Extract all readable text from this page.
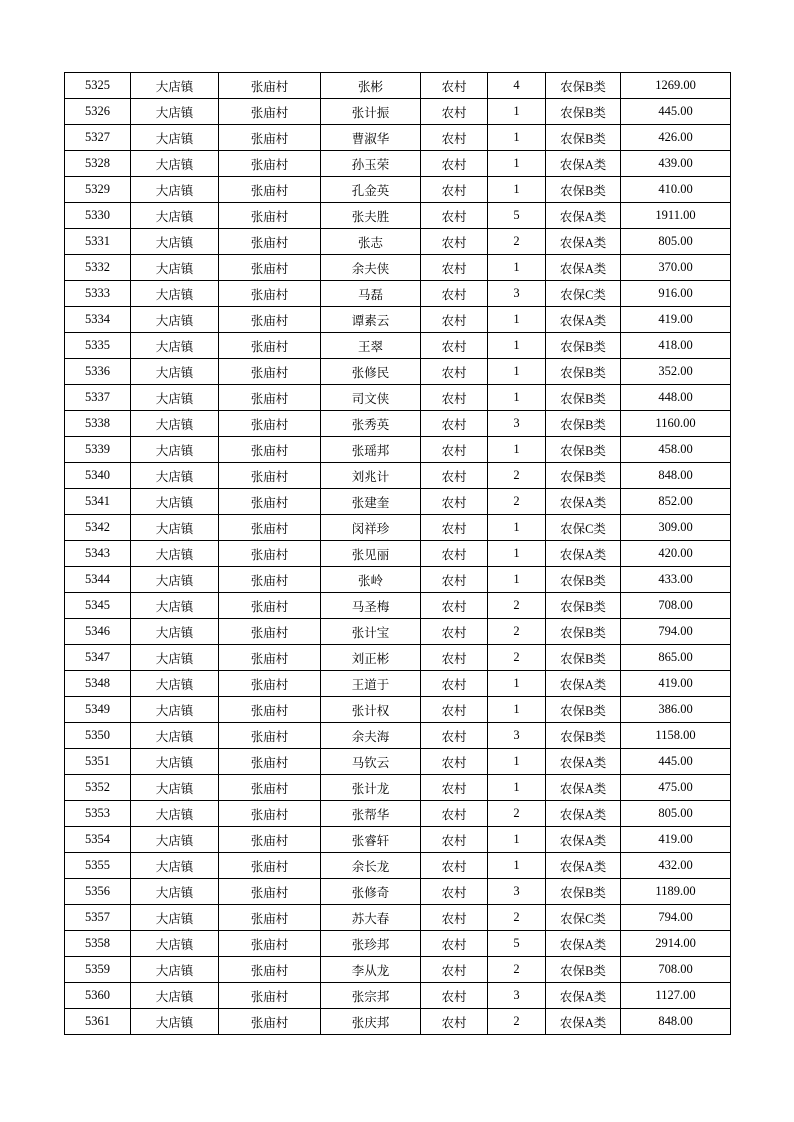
5325	大店镇	张庙村	张彬	农村	4	农保B类	1269.00
5326	大店镇	张庙村	张计振	农村	1	农保B类	445.00
5327	大店镇	张庙村	曹淑华	农村	1	农保B类	426.00
5328	大店镇	张庙村	孙玉荣	农村	1	农保A类	439.00
5329	大店镇	张庙村	孔金英	农村	1	农保B类	410.00
5330	大店镇	张庙村	张夫胜	农村	5	农保A类	1911.00
5331	大店镇	张庙村	张志	农村	2	农保A类	805.00
5332	大店镇	张庙村	余夫侠	农村	1	农保A类	370.00
5333	大店镇	张庙村	马磊	农村	3	农保C类	916.00
5334	大店镇	张庙村	谭素云	农村	1	农保A类	419.00
5335	大店镇	张庙村	王翠	农村	1	农保B类	418.00
5336	大店镇	张庙村	张修民	农村	1	农保B类	352.00
5337	大店镇	张庙村	司文侠	农村	1	农保B类	448.00
5338	大店镇	张庙村	张秀英	农村	3	农保B类	1160.00
5339	大店镇	张庙村	张瑶邦	农村	1	农保B类	458.00
5340	大店镇	张庙村	刘兆计	农村	2	农保B类	848.00
5341	大店镇	张庙村	张建奎	农村	2	农保A类	852.00
5342	大店镇	张庙村	闵祥珍	农村	1	农保C类	309.00
5343	大店镇	张庙村	张见丽	农村	1	农保A类	420.00
5344	大店镇	张庙村	张岭	农村	1	农保B类	433.00
5345	大店镇	张庙村	马圣梅	农村	2	农保B类	708.00
5346	大店镇	张庙村	张计宝	农村	2	农保B类	794.00
5347	大店镇	张庙村	刘正彬	农村	2	农保B类	865.00
5348	大店镇	张庙村	王道于	农村	1	农保A类	419.00
5349	大店镇	张庙村	张计权	农村	1	农保B类	386.00
5350	大店镇	张庙村	余夫海	农村	3	农保B类	1158.00
5351	大店镇	张庙村	马钦云	农村	1	农保A类	445.00
5352	大店镇	张庙村	张计龙	农村	1	农保A类	475.00
5353	大店镇	张庙村	张帮华	农村	2	农保A类	805.00
5354	大店镇	张庙村	张睿轩	农村	1	农保A类	419.00
5355	大店镇	张庙村	余长龙	农村	1	农保A类	432.00
5356	大店镇	张庙村	张修奇	农村	3	农保B类	1189.00
5357	大店镇	张庙村	苏大春	农村	2	农保C类	794.00
5358	大店镇	张庙村	张珍邦	农村	5	农保A类	2914.00
5359	大店镇	张庙村	李从龙	农村	2	农保B类	708.00
5360	大店镇	张庙村	张宗邦	农村	3	农保A类	1127.00
5361	大店镇	张庙村	张庆邦	农村	2	农保A类	848.00
